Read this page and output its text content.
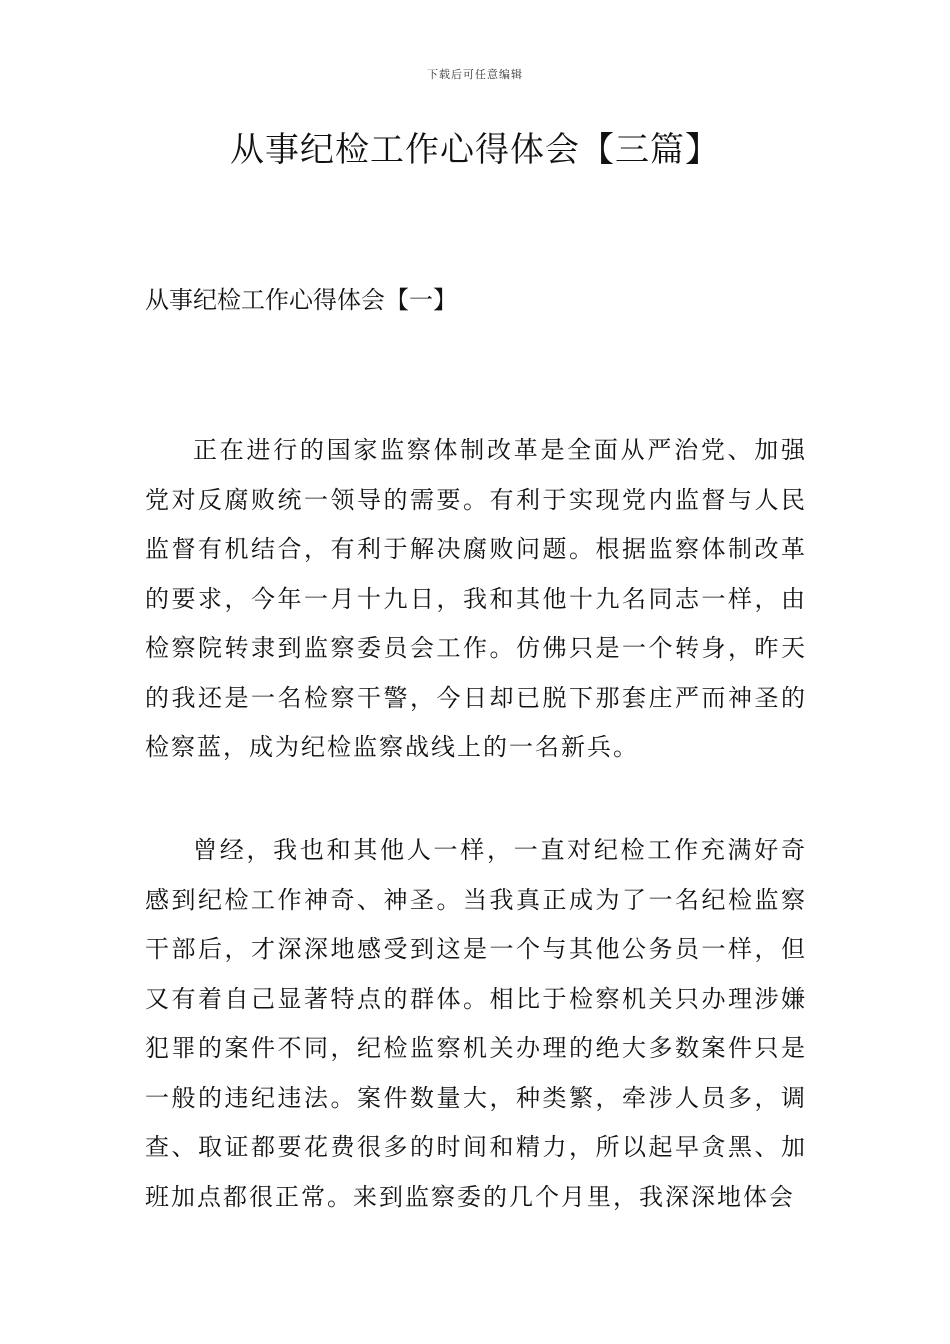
下载后可任意编辑
从事纪检工作心得体会【三篇】
从事纪检工作心得体会【一】

正在进行的国家监察体制改革是全面从严治党、加强党对反腐败统一领导的需要。有利于实现党内监督与人民监督有机结合，有利于解决腐败问题。根据监察体制改革的要求，今年一月十九日，我和其他十九名同志一样，由检察院转隶到监察委员会工作。仿佛只是一个转身，昨天的我还是一名检察干警，今日却已脱下那套庄严而神圣的检察蓝，成为纪检监察战线上的一名新兵。

曾经，我也和其他人一样，一直对纪检工作充满好奇感到纪检工作神奇、神圣。当我真正成为了一名纪检监察干部后，才深深地感受到这是一个与其他公务员一样，但又有着自己显著特点的群体。相比于检察机关只办理涉嫌犯罪的案件不同，纪检监察机关办理的绝大多数案件只是一般的违纪违法。案件数量大，种类繁，牵涉人员多，调查、取证都要花费很多的时间和精力，所以起早贪黑、加班加点都很正常。来到监察委的几个月里，我深深地体会
